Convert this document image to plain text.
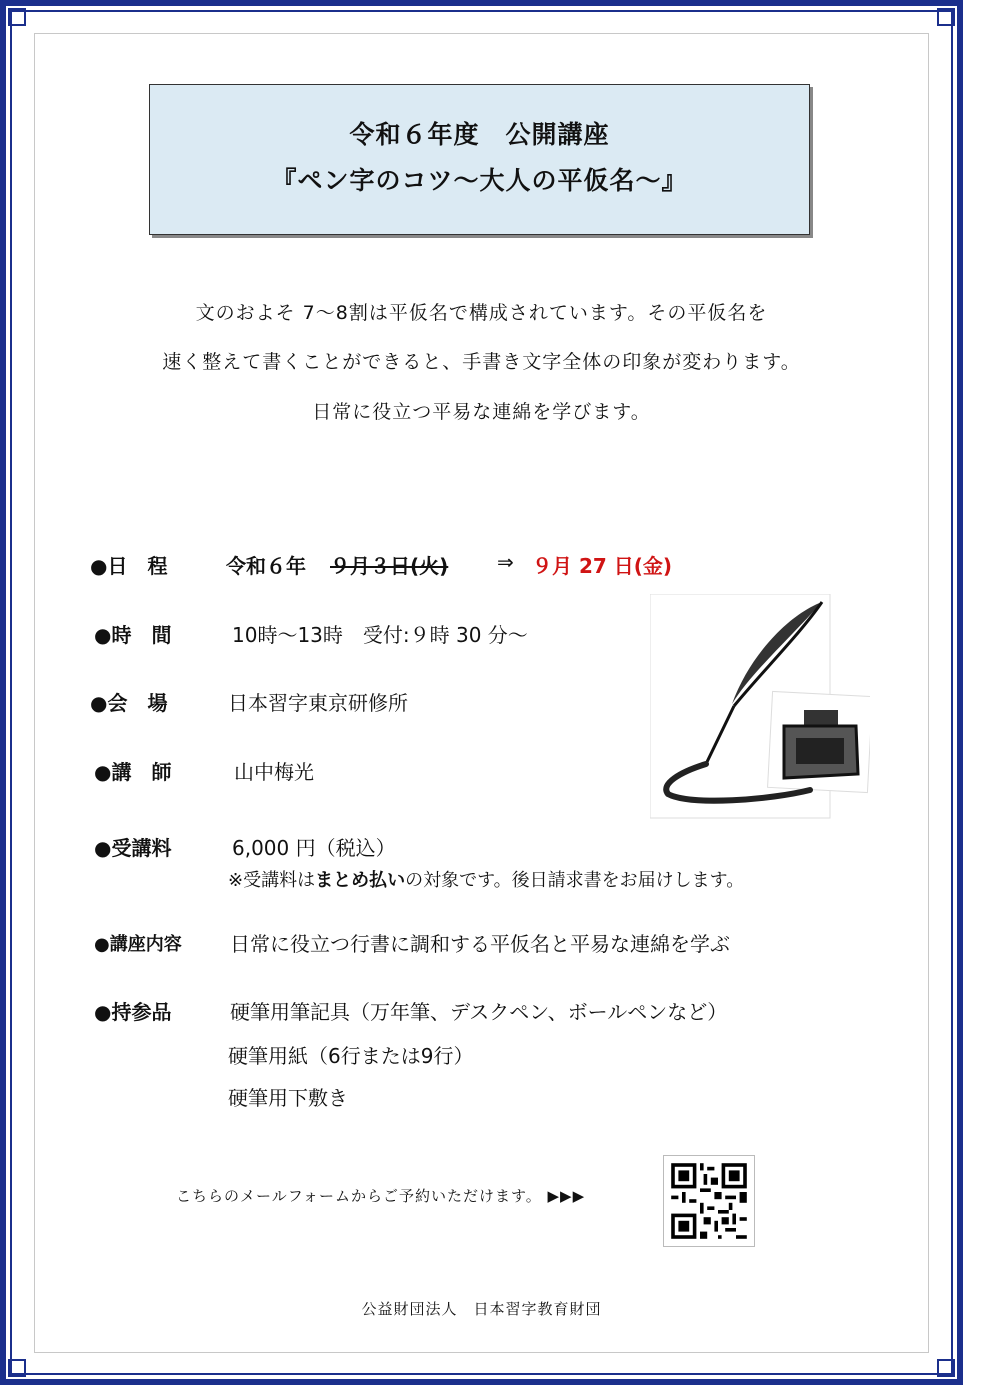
令和６年度　公開講座
『ペン字のコツ～大人の平仮名～』
文のおよそ 7～8割は平仮名で構成されています。その平仮名を
速く整えて書くことができると、手書き文字全体の印象が変わります。
日常に役立つ平易な連綿を学びます。
●日　程	令和６年 ９月３日(火) ⇒ ９月 27 日(金)
●時　間	10時～13時　受付:９時 30 分～
●会　場	日本習字東京研修所
●講　師	山中梅光
●受講料	6,000 円（税込）
※受講料はまとめ払いの対象です。後日請求書をお届けします。
●講座内容 日常に役立つ行書に調和する平仮名と平易な連綿を学ぶ
●持参品	硬筆用筆記具（万年筆、デスクペン、ボールペンなど）
硬筆用紙（6行または9行）
硬筆用下敷き
こちらのメールフォームからご予約いただけます。 ▶▶▶
公益財団法人　日本習字教育財団
